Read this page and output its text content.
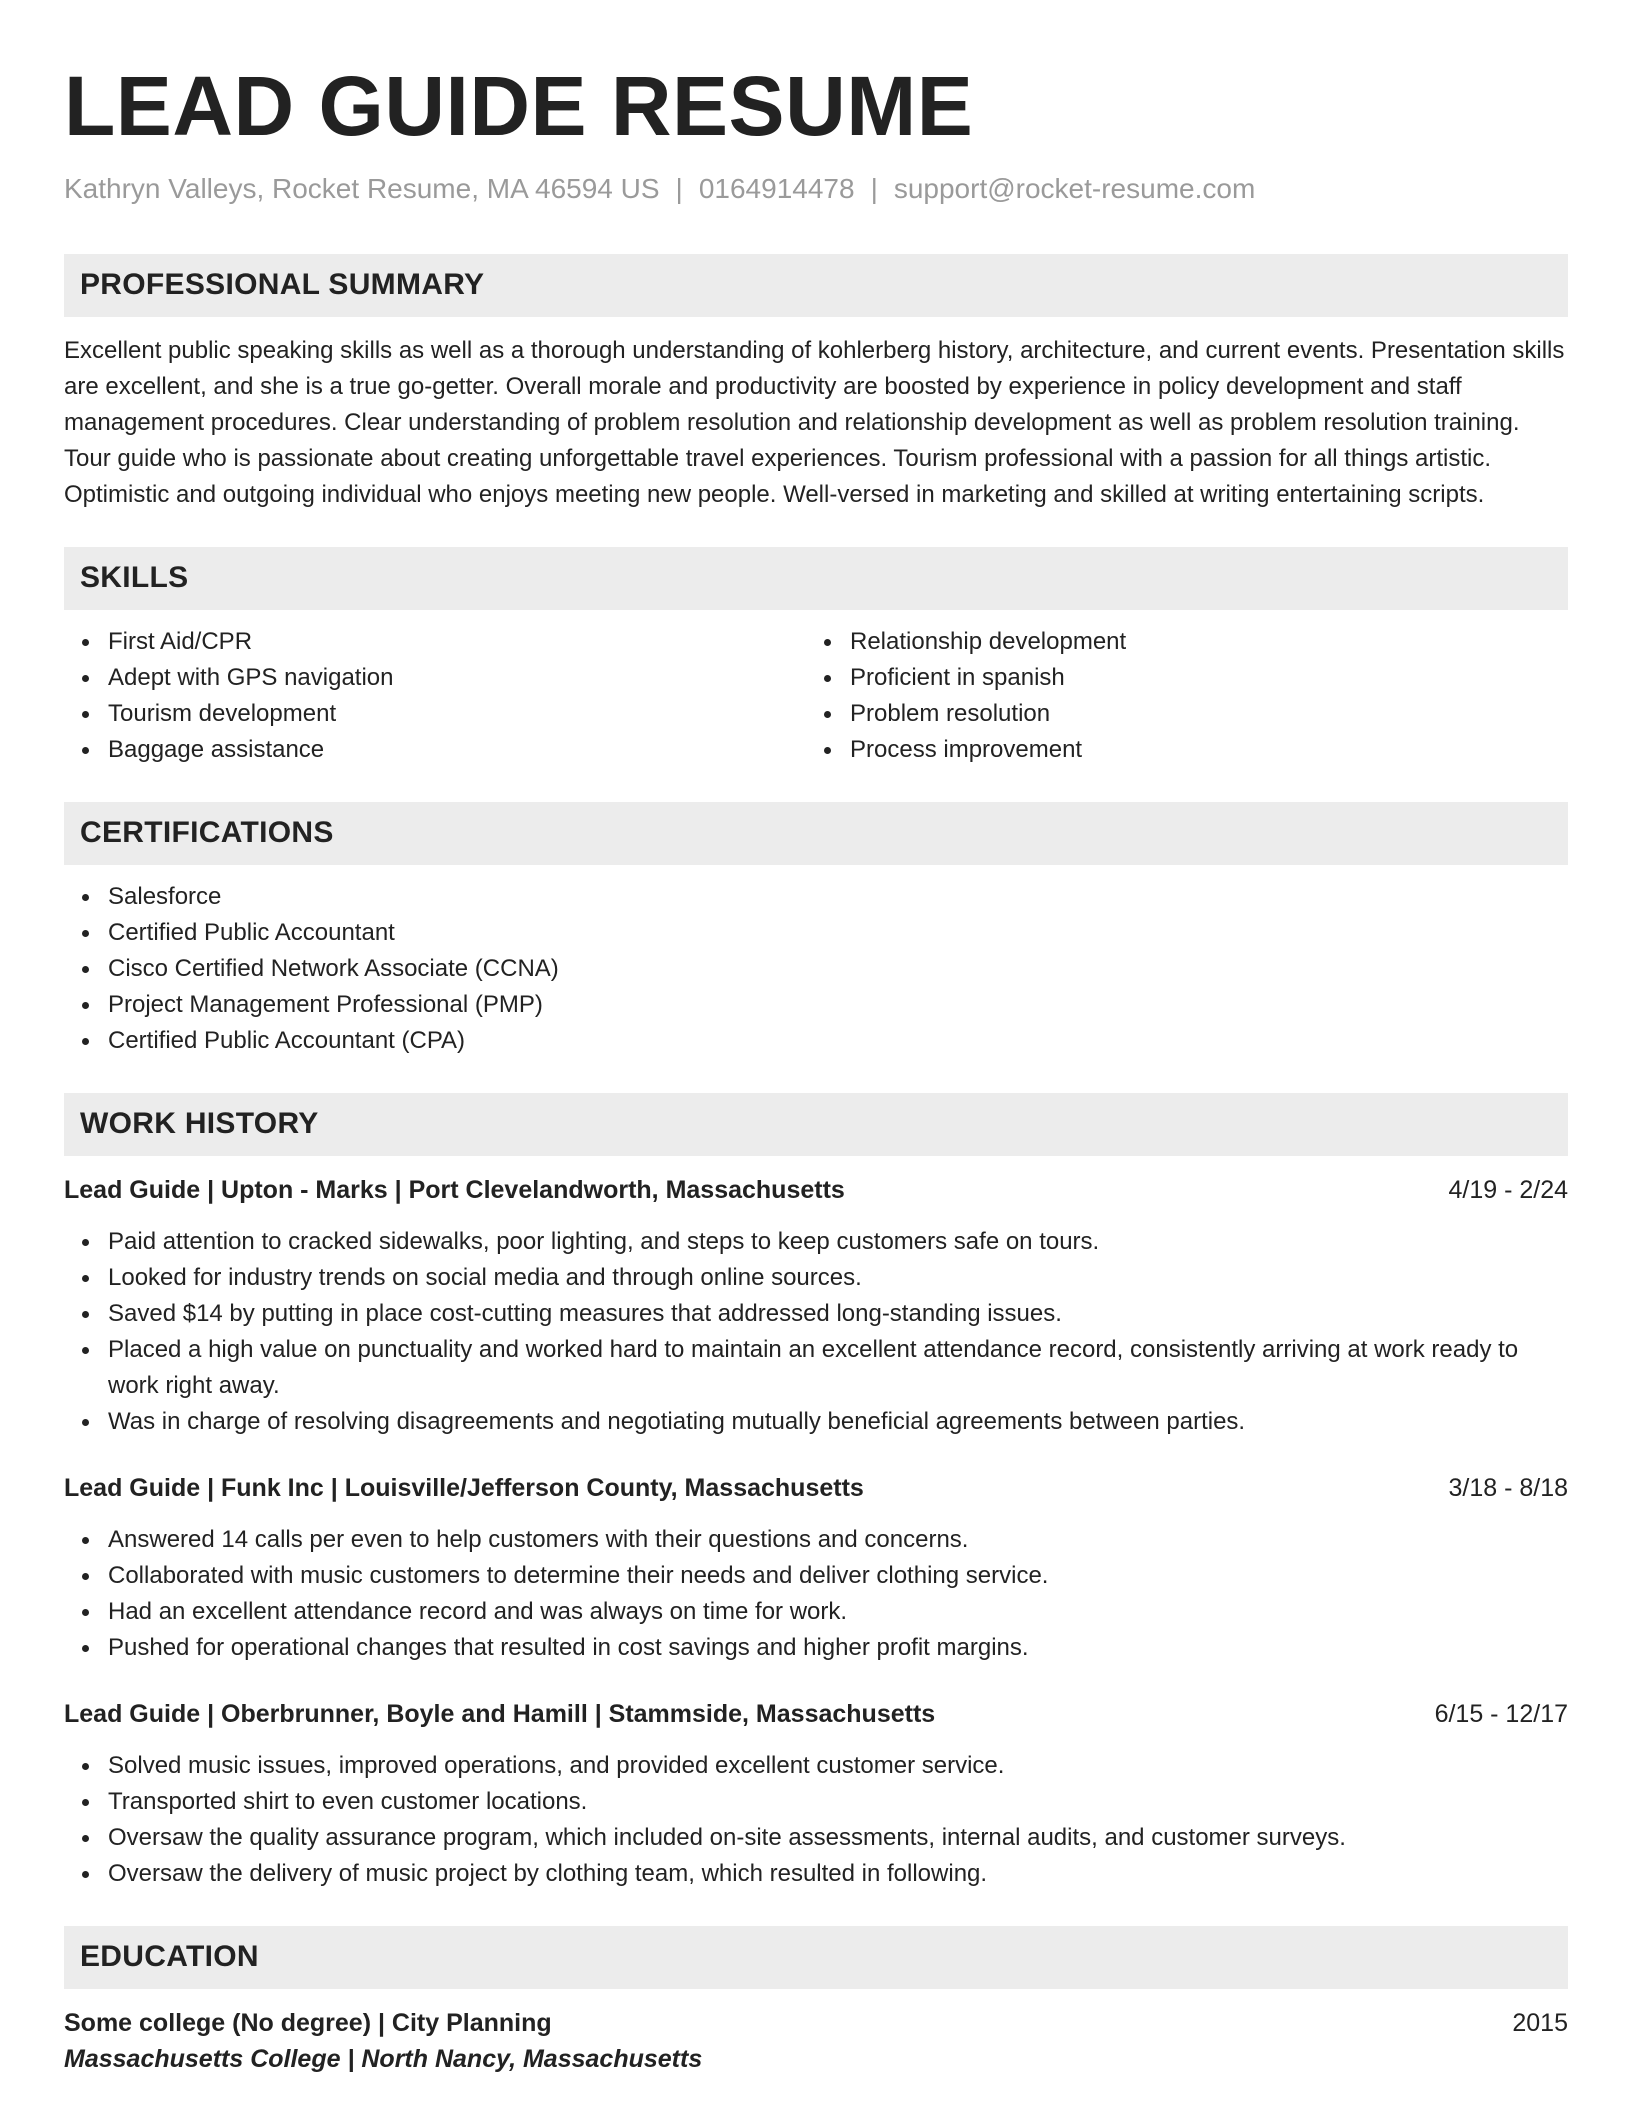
LEAD GUIDE RESUME
Kathryn Valleys, Rocket Resume, MA 46594 US | 0164914478 | support@rocket-resume.com
PROFESSIONAL SUMMARY

Excellent public speaking skills as well as a thorough understanding of kohlerberg history, architecture, and current events. Presentation skills are excellent, and she is a true go-getter. Overall morale and productivity are boosted by experience in policy development and staff management procedures. Clear understanding of problem resolution and relationship development as well as problem resolution training. Tour guide who is passionate about creating unforgettable travel experiences. Tourism professional with a passion for all things artistic. Optimistic and outgoing individual who enjoys meeting new people. Well-versed in marketing and skilled at writing entertaining scripts.

SKILLS
First Aid/CPR
Adept with GPS navigation
Tourism development
Baggage assistance
Relationship development
Proficient in spanish
Problem resolution
Process improvement
CERTIFICATIONS
Salesforce
Certified Public Accountant
Cisco Certified Network Associate (CCNA)
Project Management Professional (PMP)
Certified Public Accountant (CPA)
WORK HISTORY
Lead Guide | Upton - Marks | Port Clevelandworth, Massachusetts	4/19 - 2/24
Paid attention to cracked sidewalks, poor lighting, and steps to keep customers safe on tours.
Looked for industry trends on social media and through online sources.
Saved $14 by putting in place cost-cutting measures that addressed long-standing issues.
Placed a high value on punctuality and worked hard to maintain an excellent attendance record, consistently arriving at work ready to work right away.
Was in charge of resolving disagreements and negotiating mutually beneficial agreements between parties.
Lead Guide | Funk Inc | Louisville/Jefferson County, Massachusetts	3/18 - 8/18
Answered 14 calls per even to help customers with their questions and concerns.
Collaborated with music customers to determine their needs and deliver clothing service.
Had an excellent attendance record and was always on time for work.
Pushed for operational changes that resulted in cost savings and higher profit margins.
Lead Guide | Oberbrunner, Boyle and Hamill | Stammside, Massachusetts	6/15 - 12/17
Solved music issues, improved operations, and provided excellent customer service.
Transported shirt to even customer locations.
Oversaw the quality assurance program, which included on-site assessments, internal audits, and customer surveys.
Oversaw the delivery of music project by clothing team, which resulted in following.
EDUCATION
Some college (No degree) | City Planning	2015
Massachusetts College | North Nancy, Massachusetts
